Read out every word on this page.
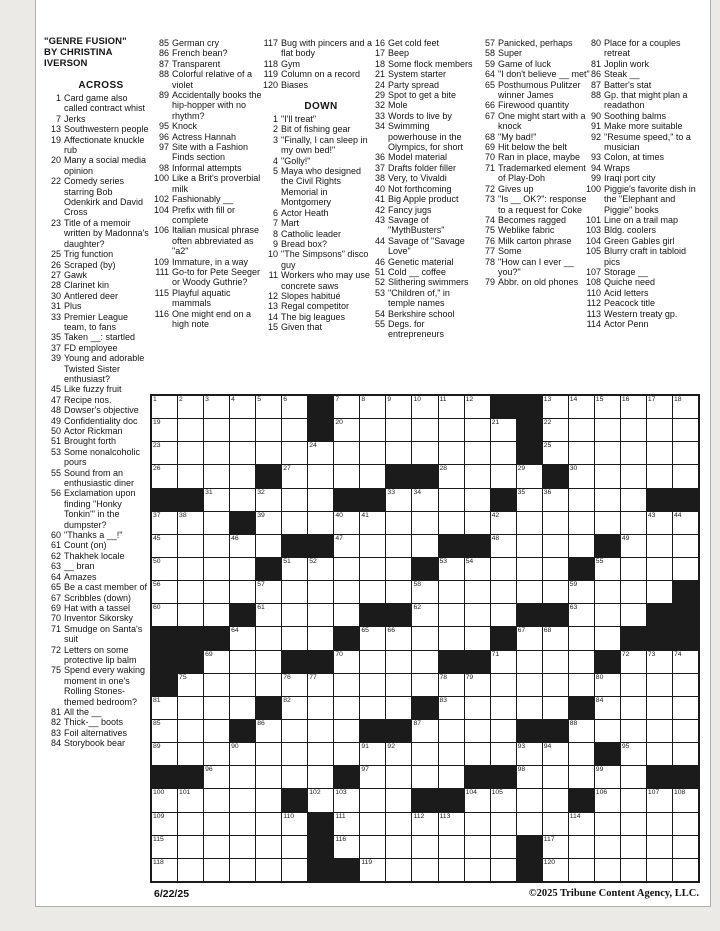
"GENRE FUSION"
BY CHRISTINA
IVERSON
ACROSS
1 Card game also called contract whist
7 Jerks
13 Southwestern people
19 Affectionate knuckle rub
20 Many a social media opinion
22 Comedy series starring Bob Odenkirk and David Cross
23 Title of a memoir written by Madonna's daughter?
25 Trig function
26 Scraped (by)
27 Gawk
28 Clarinet kin
30 Antlered deer
31 Plus
33 Premier League team, to fans
35 Taken __: startled
37 FD employee
39 Young and adorable Twisted Sister enthusiast?
45 Like fuzzy fruit
47 Recipe nos.
48 Dowser's objective
49 Confidentiality doc
50 Actor Rickman
51 Brought forth
53 Some nonalcoholic pours
55 Sound from an enthusiastic diner
56 Exclamation upon finding "Honky Tonkin'" in the dumpster?
60 "Thanks a __!"
61 Count (on)
62 Thakhek locale
63 __ bran
64 Amazes
65 Be a cast member of
67 Scribbles (down)
69 Hat with a tassel
70 Inventor Sikorsky
71 Smudge on Santa's suit
72 Letters on some protective lip balm
75 Spend every waking moment in one's Rolling Stones-themed bedroom?
81 All the __
82 Thick-__ boots
83 Foil alternatives
84 Storybook bear
85 German cry
86 French bean?
87 Transparent
88 Colorful relative of a violet
89 Accidentally books the hip-hopper with no rhythm?
95 Knock
96 Actress Hannah
97 Site with a Fashion Finds section
98 Informal attempts
100 Like a Brit's proverbial milk
102 Fashionably __
104 Prefix with fill or complete
106 Italian musical phrase often abbreviated as "a2"
109 Immature, in a way
111 Go-to for Pete Seeger or Woody Guthrie?
115 Playful aquatic mammals
116 One might end on a high note
117 Bug with pincers and a flat body
118 Gym
119 Column on a record
120 Biases
DOWN
1 "I'll treat"
2 Bit of fishing gear
3 "Finally, I can sleep in my own bed!"
4 "Golly!"
5 Maya who designed the Civil Rights Memorial in Montgomery
6 Actor Heath
7 Mart
8 Catholic leader
9 Bread box?
10 "The Simpsons" disco guy
11 Workers who may use concrete saws
12 Slopes habitué
13 Regal competitor
14 The big leagues
15 Given that
16 Get cold feet
17 Beep
18 Some flock members
21 System starter
24 Party spread
29 Spot to get a bite
32 Mole
33 Words to live by
34 Swimming powerhouse in the Olympics, for short
36 Model material
37 Drafts folder filler
38 Very, to Vivaldi
40 Not forthcoming
41 Big Apple product
42 Fancy jugs
43 Savage of "MythBusters"
44 Savage of "Savage Love"
46 Genetic material
51 Cold __ coffee
52 Slithering swimmers
53 "Children of," in temple names
54 Berkshire school
55 Degs. for entrepreneurs
57 Panicked, perhaps
58 Super
59 Game of luck
64 "I don't believe __ met"
65 Posthumous Pulitzer winner James
66 Firewood quantity
67 One might start with a knock
68 "My bad!"
69 Hit below the belt
70 Ran in place, maybe
71 Trademarked element of Play-Doh
72 Gives up
73 "Is __ OK?": response to a request for Coke
74 Becomes ragged
75 Weblike fabric
76 Milk carton phrase
77 Some
78 "How can I ever __ you?"
79 Abbr. on old phones
80 Place for a couples retreat
81 Joplin work
86 Steak __
87 Batter's stat
88 Gp. that might plan a readathon
90 Soothing balms
91 Make more suitable
92 "Resume speed," to a musician
93 Colon, at times
94 Wraps
99 Iraqi port city
100 Piggie's favorite dish in the "Elephant and Piggie" books
101 Line on a trail map
103 Bldg. coolers
104 Green Gables girl
105 Blurry craft in tabloid pics
107 Storage __
108 Quiche need
110 Acid letters
112 Peacock title
113 Western treaty gp.
114 Actor Penn
1	2	3	4	5	6	7	8	9	10	11	12	13	14	15	16	17	18
19	20	21	22
23	24	25
26	27	28	29	30
31	32	33	34	35	36
37	38	39	40	41	42	43	44
45	46	47	48	49
50	51	52	53	54	55
56	57	58	59
60	61	62	63
64	65	66	67	68
69	70	71	72	73	74
75	76	77	78	79	80
81	82	83	84
85	86	87	88
89	90	91	92	93	94	95
96	97	98	99
100 101	102 103	104 105	106	107 108
109	110	111	112 113	114
115	116	117
118	119	120
6/22/25	©2025 Tribune Content Agency, LLC.
